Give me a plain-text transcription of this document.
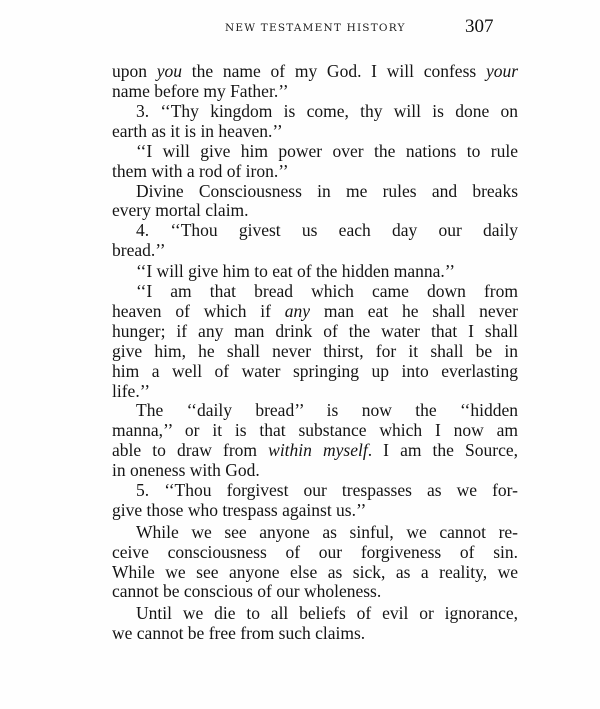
NEW TESTAMENT HISTORY	307
upon you the name of my God. I will confess your
name before my Father.’’
3. ‘‘Thy kingdom is come, thy will is done on
earth as it is in heaven.’’
‘‘I will give him power over the nations to rule
them with a rod of iron.’’
Divine Consciousness in me rules and breaks
every mortal claim.
4. ‘‘Thou givest us each day our daily
bread.’’
‘‘I will give him to eat of the hidden manna.’’
‘‘I am that bread which came down from
heaven of which if any man eat he shall never
hunger; if any man drink of the water that I shall
give him, he shall never thirst, for it shall be in
him a well of water springing up into everlasting
life.’’
The ‘‘daily bread’’ is now the ‘‘hidden
manna,’’ or it is that substance which I now am
able to draw from within myself. I am the Source,
in oneness with God.
5. ‘‘Thou forgivest our trespasses as we for-
give those who trespass against us.’’
While we see anyone as sinful, we cannot re-
ceive consciousness of our forgiveness of sin.
While we see anyone else as sick, as a reality, we
cannot be conscious of our wholeness.
Until we die to all beliefs of evil or ignorance,
we cannot be free from such claims.
